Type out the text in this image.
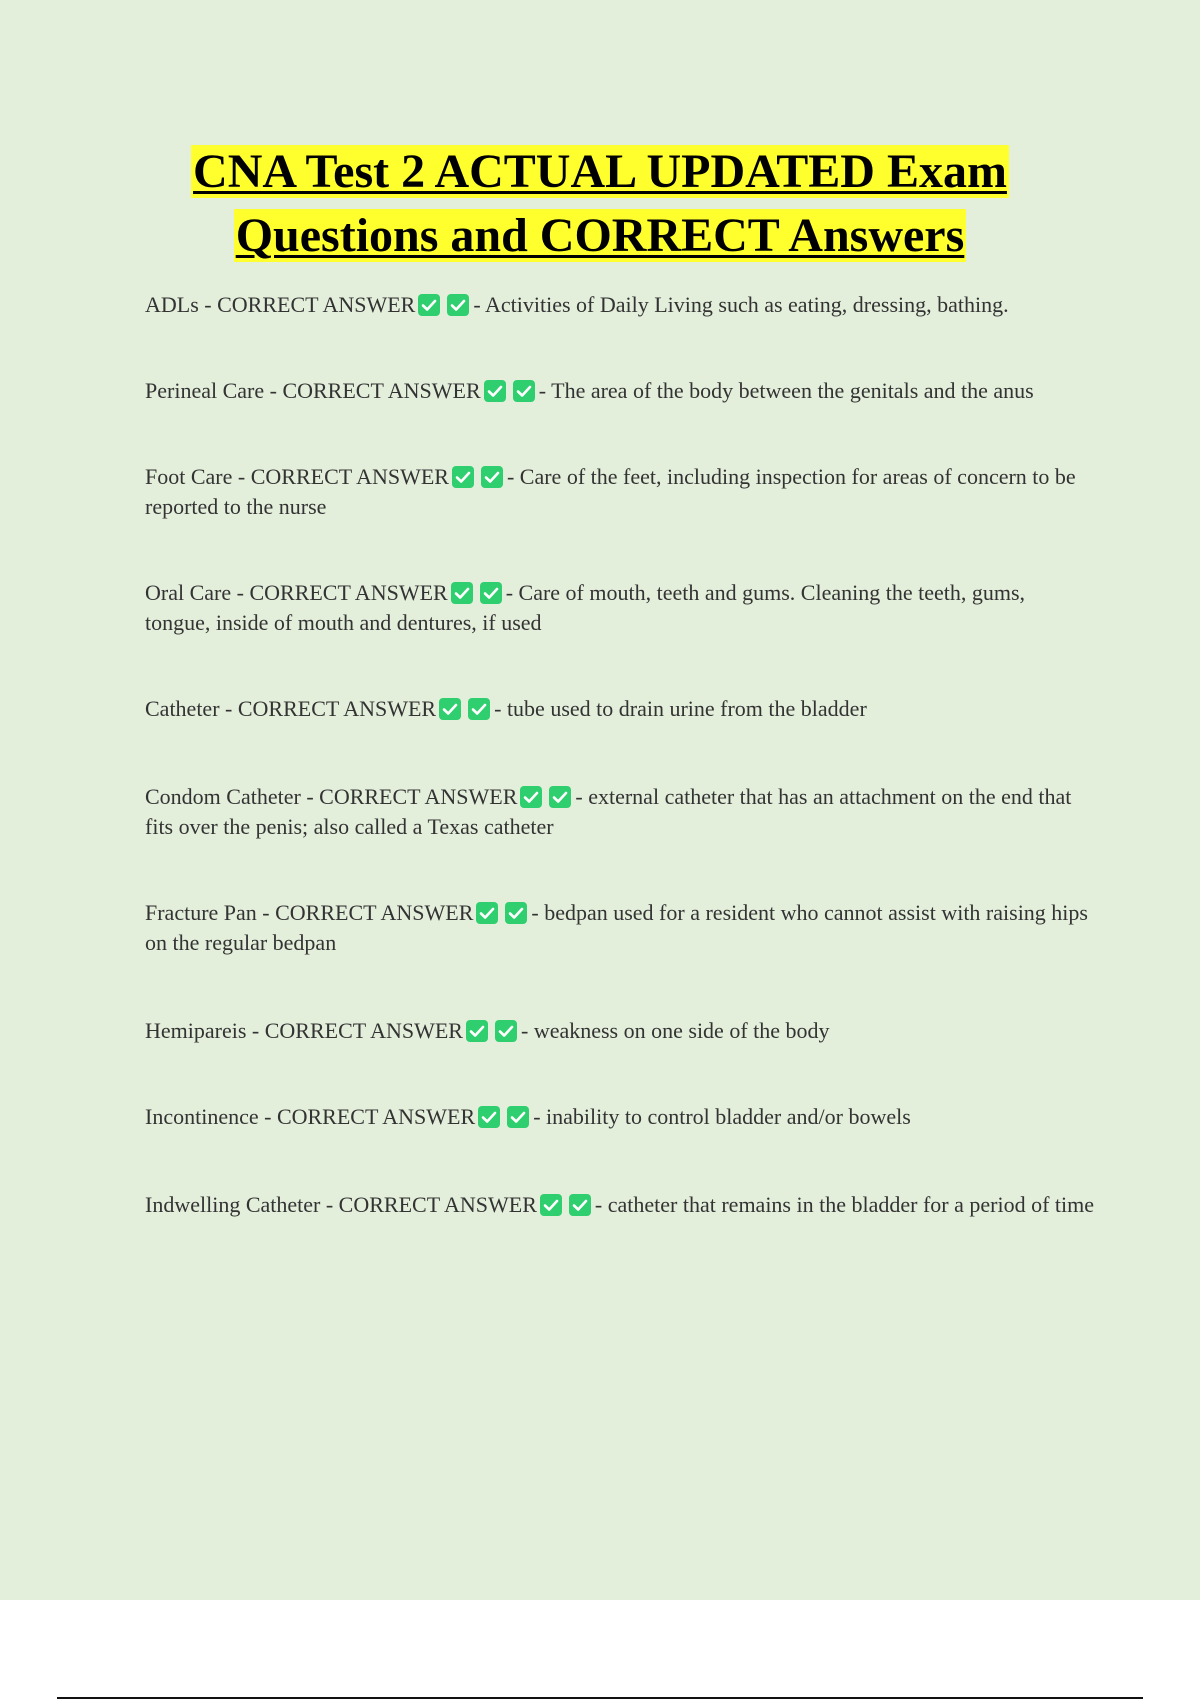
CNA Test 2 ACTUAL UPDATED Exam
Questions and CORRECT Answers

ADLs - CORRECT ANSWER	- Activities of Daily Living such as eating, dressing, bathing.

Perineal Care - CORRECT ANSWER	- The area of the body between the genitals and the anus

Foot Care - CORRECT ANSWER	- Care of the feet, including inspection for areas of concern to be reported to the nurse

Oral Care - CORRECT ANSWER	- Care of mouth, teeth and gums. Cleaning the teeth, gums, tongue, inside of mouth and dentures, if used

Catheter - CORRECT ANSWER	- tube used to drain urine from the bladder

Condom Catheter - CORRECT ANSWER	- external catheter that has an attachment on the end that fits over the penis; also called a Texas catheter

Fracture Pan - CORRECT ANSWER	- bedpan used for a resident who cannot assist with raising hips on the regular bedpan

Hemipareis - CORRECT ANSWER	- weakness on one side of the body

Incontinence - CORRECT ANSWER	- inability to control bladder and/or bowels

Indwelling Catheter - CORRECT ANSWER	- catheter that remains in the bladder for a period of time
